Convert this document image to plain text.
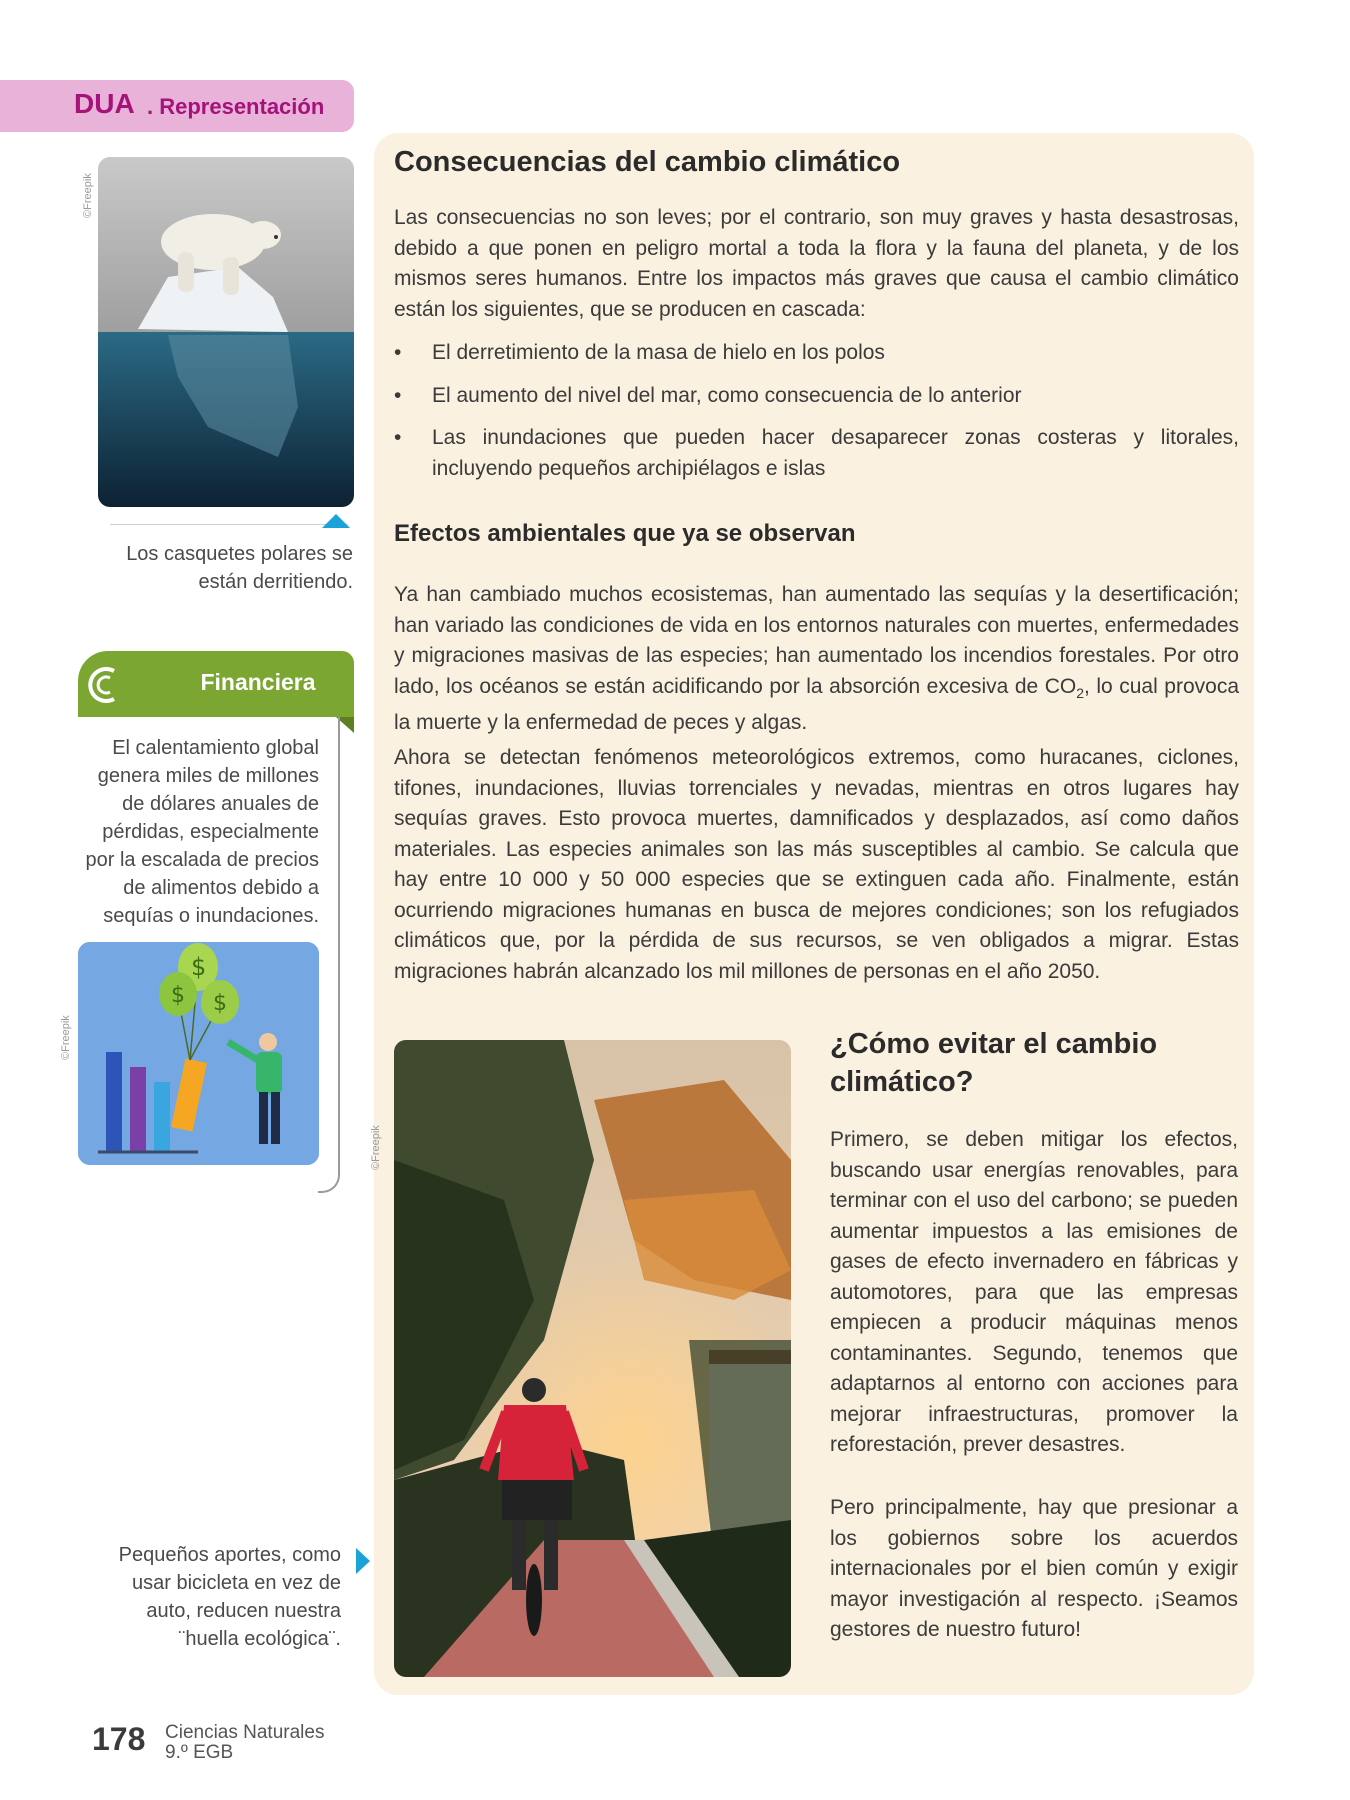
DUA . Representación
©Freepik
Los casquetes polares se
están derritiendo.
Financiera
El calentamiento global
genera miles de millones
de dólares anuales de
pérdidas, especialmente
por la escalada de precios
de alimentos debido a
sequías o inundaciones.
©Freepik
$
$ $
Consecuencias del cambio climático
Las consecuencias no son leves; por el contrario, son muy graves y hasta desastrosas, debido a que ponen en peligro mortal a toda la flora y la fauna del planeta, y de los mismos seres humanos. Entre los impactos más graves que causa el cambio climático están los siguientes, que se producen en cascada:
• El derretimiento de la masa de hielo en los polos
• El aumento del nivel del mar, como consecuencia de lo anterior
• Las inundaciones que pueden hacer desaparecer zonas costeras y litorales, incluyendo pequeños archipiélagos e islas
Efectos ambientales que ya se observan
Ya han cambiado muchos ecosistemas, han aumentado las sequías y la desertificación; han variado las condiciones de vida en los entornos naturales con muertes, enfermedades y migraciones masivas de las especies; han aumentado los incendios forestales. Por otro lado, los océanos se están acidificando por la absorción excesiva de $CO_2$, lo cual provoca la muerte y la enfermedad de peces y algas.
Ahora se detectan fenómenos meteorológicos extremos, como huracanes, ciclones, tifones, inundaciones, lluvias torrenciales y nevadas, mientras en otros lugares hay sequías graves. Esto provoca muertes, damnificados y desplazados, así como daños materiales. Las especies animales son las más susceptibles al cambio. Se calcula que hay entre 10 000 y 50 000 especies que se extinguen cada año. Finalmente, están ocurriendo migraciones humanas en busca de mejores condiciones; son los refugiados climáticos que, por la pérdida de sus recursos, se ven obligados a migrar. Estas migraciones habrán alcanzado los mil millones de personas en el año 2050.
©Freepik
¿Cómo evitar el cambio climático?
Primero, se deben mitigar los efectos, buscando usar energías renovables, para terminar con el uso del carbono; se pueden aumentar impuestos a las emisiones de gases de efecto invernadero en fábricas y automotores, para que las empresas empiecen a producir máquinas menos contaminantes. Segundo, tenemos que adaptarnos al entorno con acciones para mejorar infraestructuras, promover la reforestación, prever desastres.
Pero principalmente, hay que presionar a los gobiernos sobre los acuerdos internacionales por el bien común y exigir mayor investigación al respecto. ¡Seamos gestores de nuestro futuro!
Pequeños aportes, como
usar bicicleta en vez de
auto, reducen nuestra
¨huella ecológica¨.
178 Ciencias Naturales
9.º EGB
